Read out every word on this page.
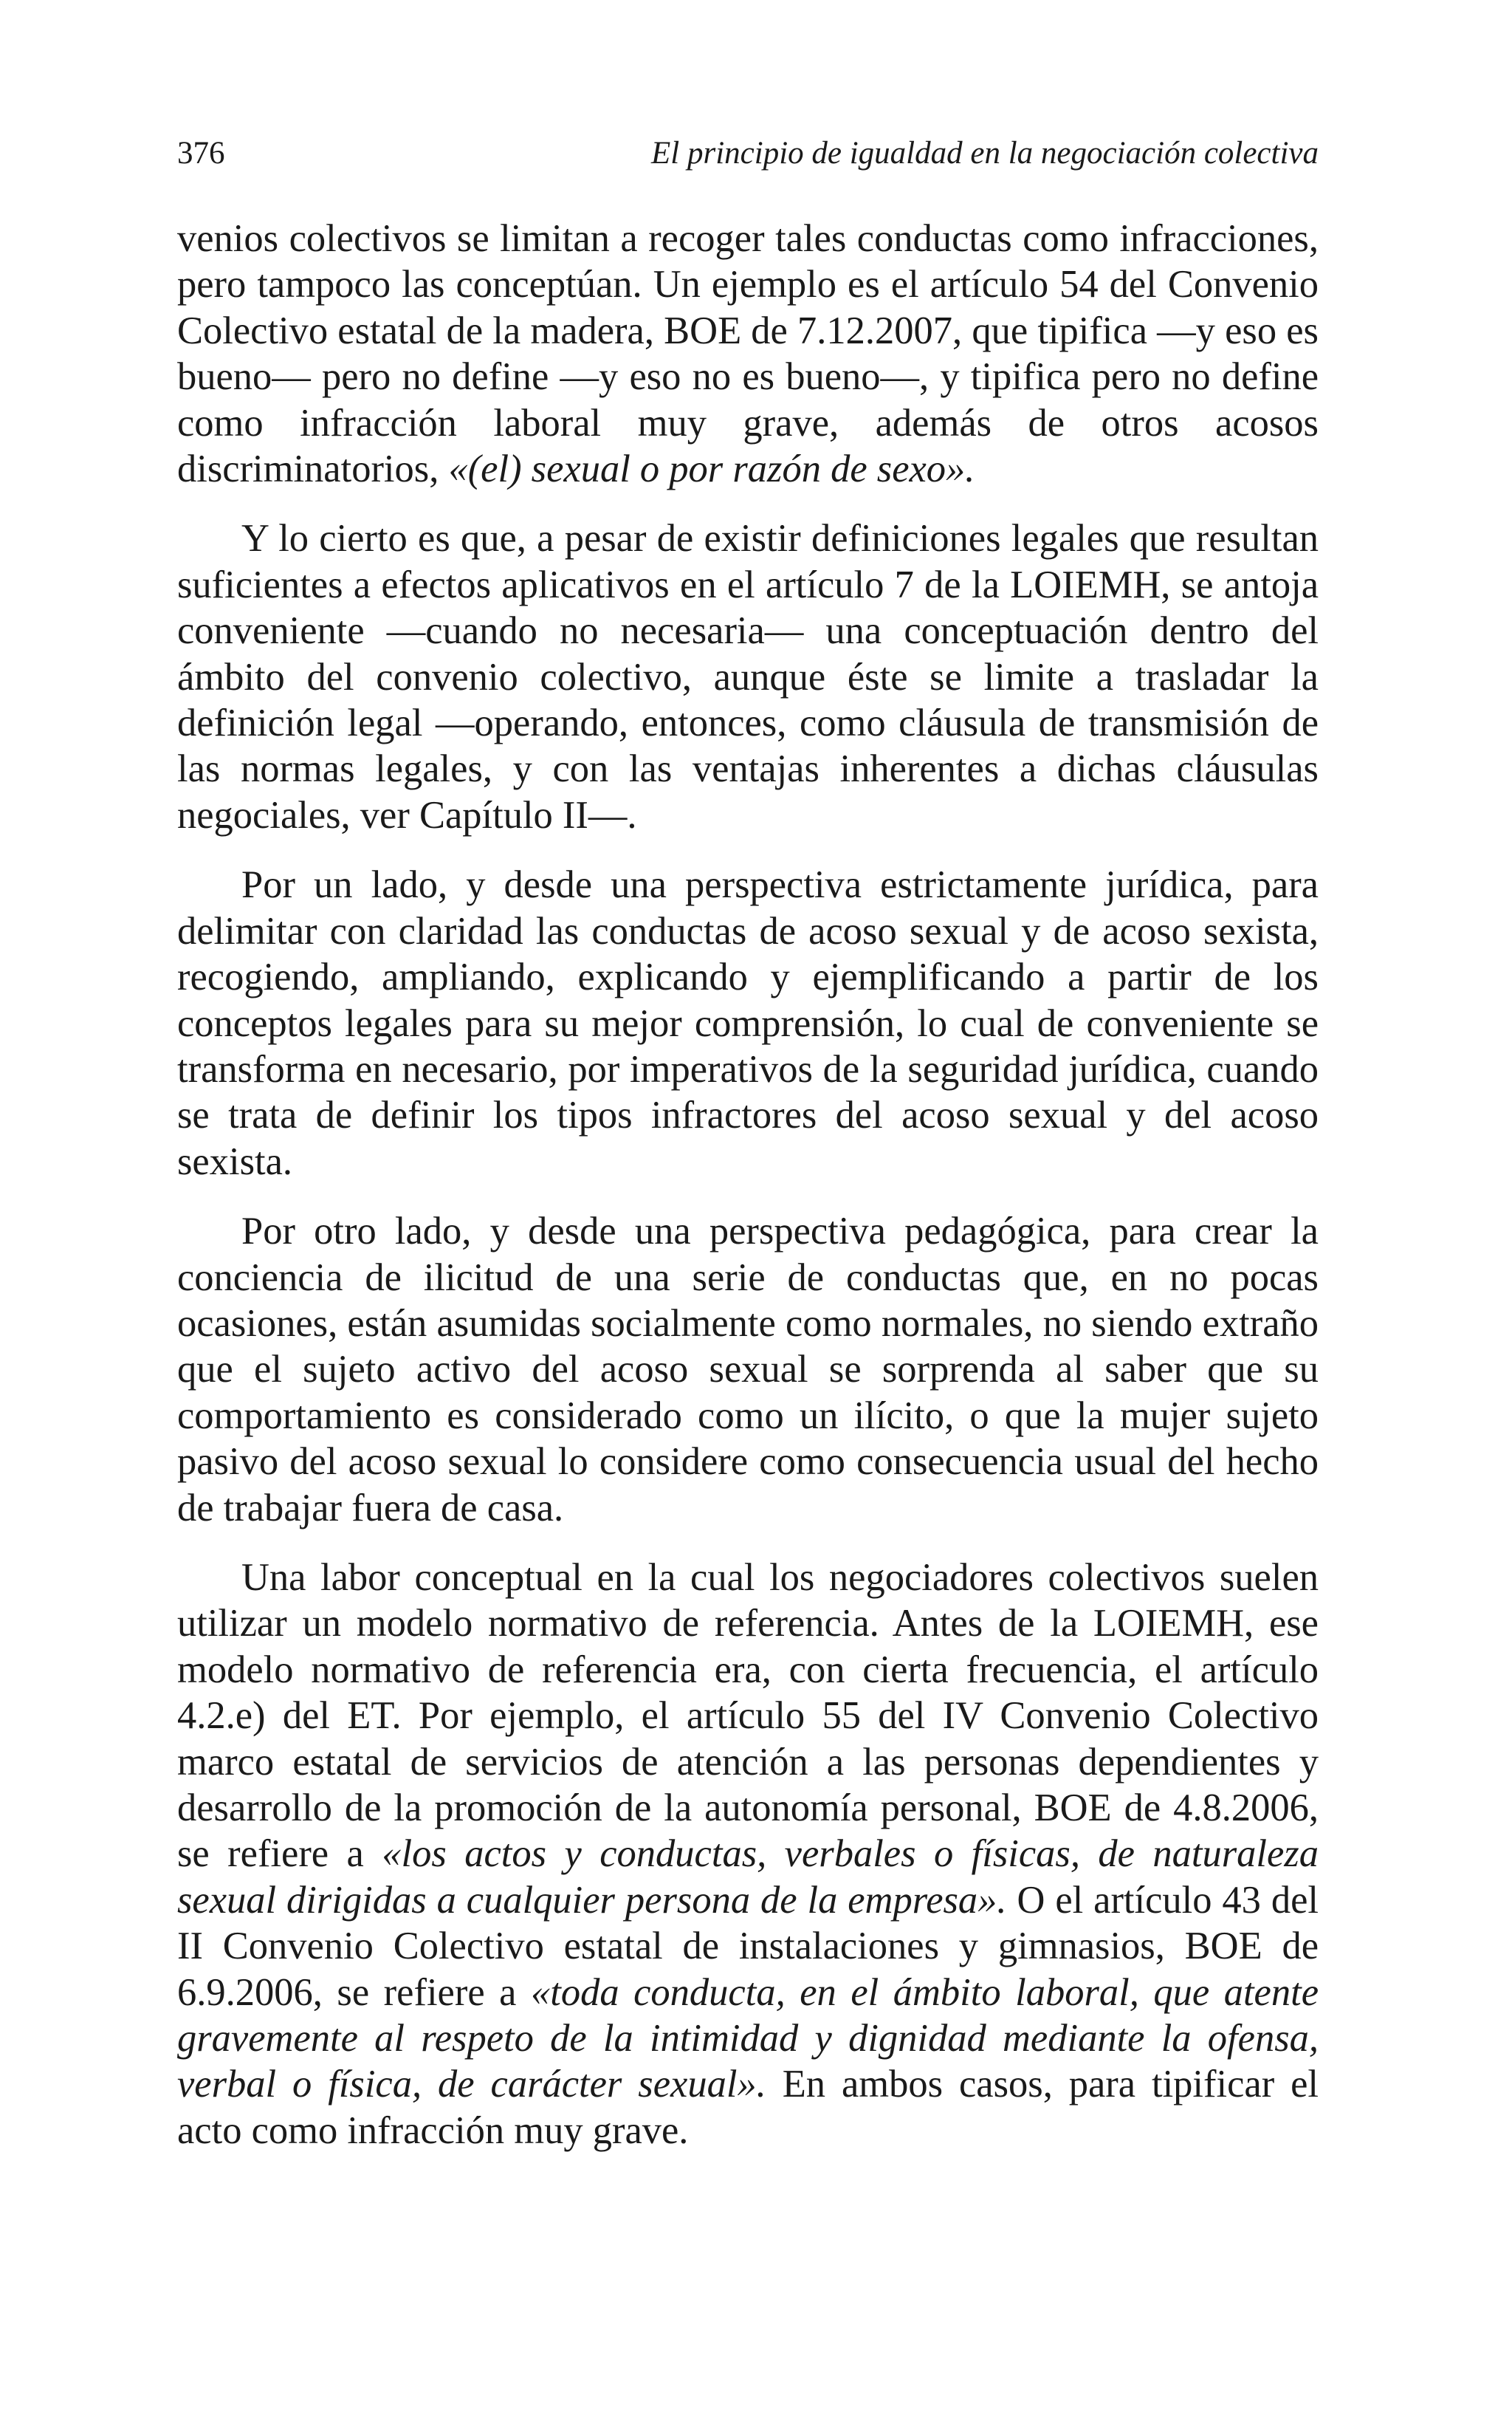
376	El principio de igualdad en la negociación colectiva

venios colectivos se limitan a recoger tales conductas como infracciones, pero tampoco las conceptúan. Un ejemplo es el artículo 54 del Convenio Colectivo estatal de la madera, BOE de 7.12.2007, que tipifica —y eso es bueno— pero no define —y eso no es bueno—, y tipifica pero no define como infracción laboral muy grave, además de otros acosos discriminatorios, «(el) sexual o por razón de sexo».

Y lo cierto es que, a pesar de existir definiciones legales que resultan suficientes a efectos aplicativos en el artículo 7 de la LOIEMH, se antoja conveniente —cuando no necesaria— una conceptuación dentro del ámbito del convenio colectivo, aunque éste se limite a trasladar la definición legal —operando, entonces, como cláusula de transmisión de las normas legales, y con las ventajas inherentes a dichas cláusulas negociales, ver Capítulo II—.

Por un lado, y desde una perspectiva estrictamente jurídica, para delimitar con claridad las conductas de acoso sexual y de acoso sexista, recogiendo, ampliando, explicando y ejemplificando a partir de los conceptos legales para su mejor comprensión, lo cual de conveniente se transforma en necesario, por imperativos de la seguridad jurídica, cuando se trata de definir los tipos infractores del acoso sexual y del acoso sexista.

Por otro lado, y desde una perspectiva pedagógica, para crear la conciencia de ilicitud de una serie de conductas que, en no pocas ocasiones, están asumidas socialmente como normales, no siendo extraño que el sujeto activo del acoso sexual se sorprenda al saber que su comportamiento es considerado como un ilícito, o que la mujer sujeto pasivo del acoso sexual lo considere como consecuencia usual del hecho de trabajar fuera de casa.

Una labor conceptual en la cual los negociadores colectivos suelen utilizar un modelo normativo de referencia. Antes de la LOIEMH, ese modelo normativo de referencia era, con cierta frecuencia, el artículo 4.2.e) del ET. Por ejemplo, el artículo 55 del IV Convenio Colectivo marco estatal de servicios de atención a las personas dependientes y desarrollo de la promoción de la autonomía personal, BOE de 4.8.2006, se refiere a «los actos y conductas, verbales o físicas, de naturaleza sexual dirigidas a cualquier persona de la empresa». O el artículo 43 del II Convenio Colectivo estatal de instalaciones y gimnasios, BOE de 6.9.2006, se refiere a «toda conducta, en el ámbito laboral, que atente gravemente al respeto de la intimidad y dignidad mediante la ofensa, verbal o física, de carácter sexual». En ambos casos, para tipificar el acto como infracción muy grave.
